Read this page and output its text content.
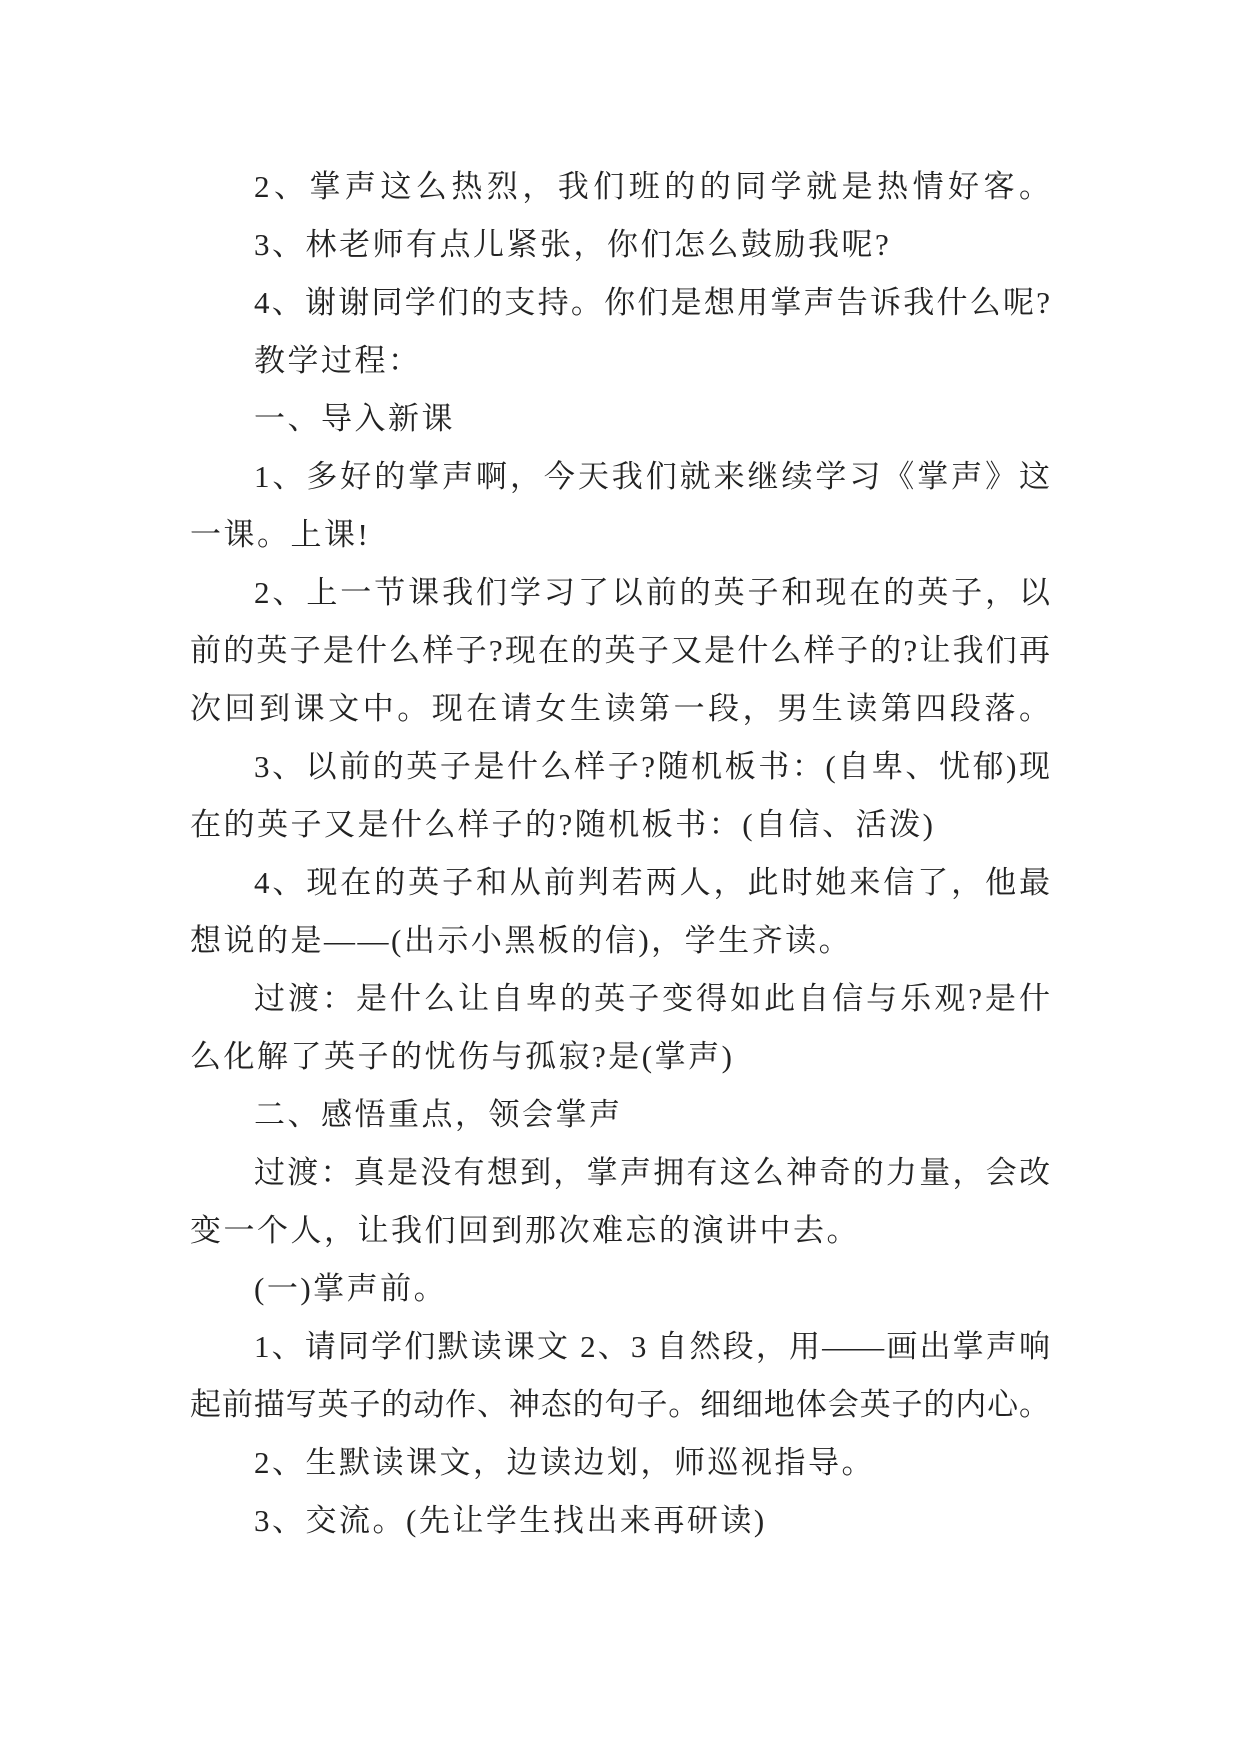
2、掌声这么热烈，我们班的的同学就是热情好客。
3、林老师有点儿紧张，你们怎么鼓励我呢?
4、谢谢同学们的支持。你们是想用掌声告诉我什么呢?
教学过程：
一、导入新课
1、多好的掌声啊，今天我们就来继续学习《掌声》这
一课。上课!
2、上一节课我们学习了以前的英子和现在的英子，以
前的英子是什么样子?现在的英子又是什么样子的?让我们再
次回到课文中。现在请女生读第一段，男生读第四段落。
3、以前的英子是什么样子?随机板书：(自卑、忧郁)现
在的英子又是什么样子的?随机板书：(自信、活泼)
4、现在的英子和从前判若两人，此时她来信了，他最
想说的是——(出示小黑板的信)，学生齐读。
过渡：是什么让自卑的英子变得如此自信与乐观?是什
么化解了英子的忧伤与孤寂?是(掌声)
二、感悟重点，领会掌声
过渡：真是没有想到，掌声拥有这么神奇的力量，会改
变一个人，让我们回到那次难忘的演讲中去。
(一)掌声前。
1、请同学们默读课文 2、3 自然段，用——画出掌声响
起前描写英子的动作、神态的句子。细细地体会英子的内心。
2、生默读课文，边读边划，师巡视指导。
3、交流。(先让学生找出来再研读)
